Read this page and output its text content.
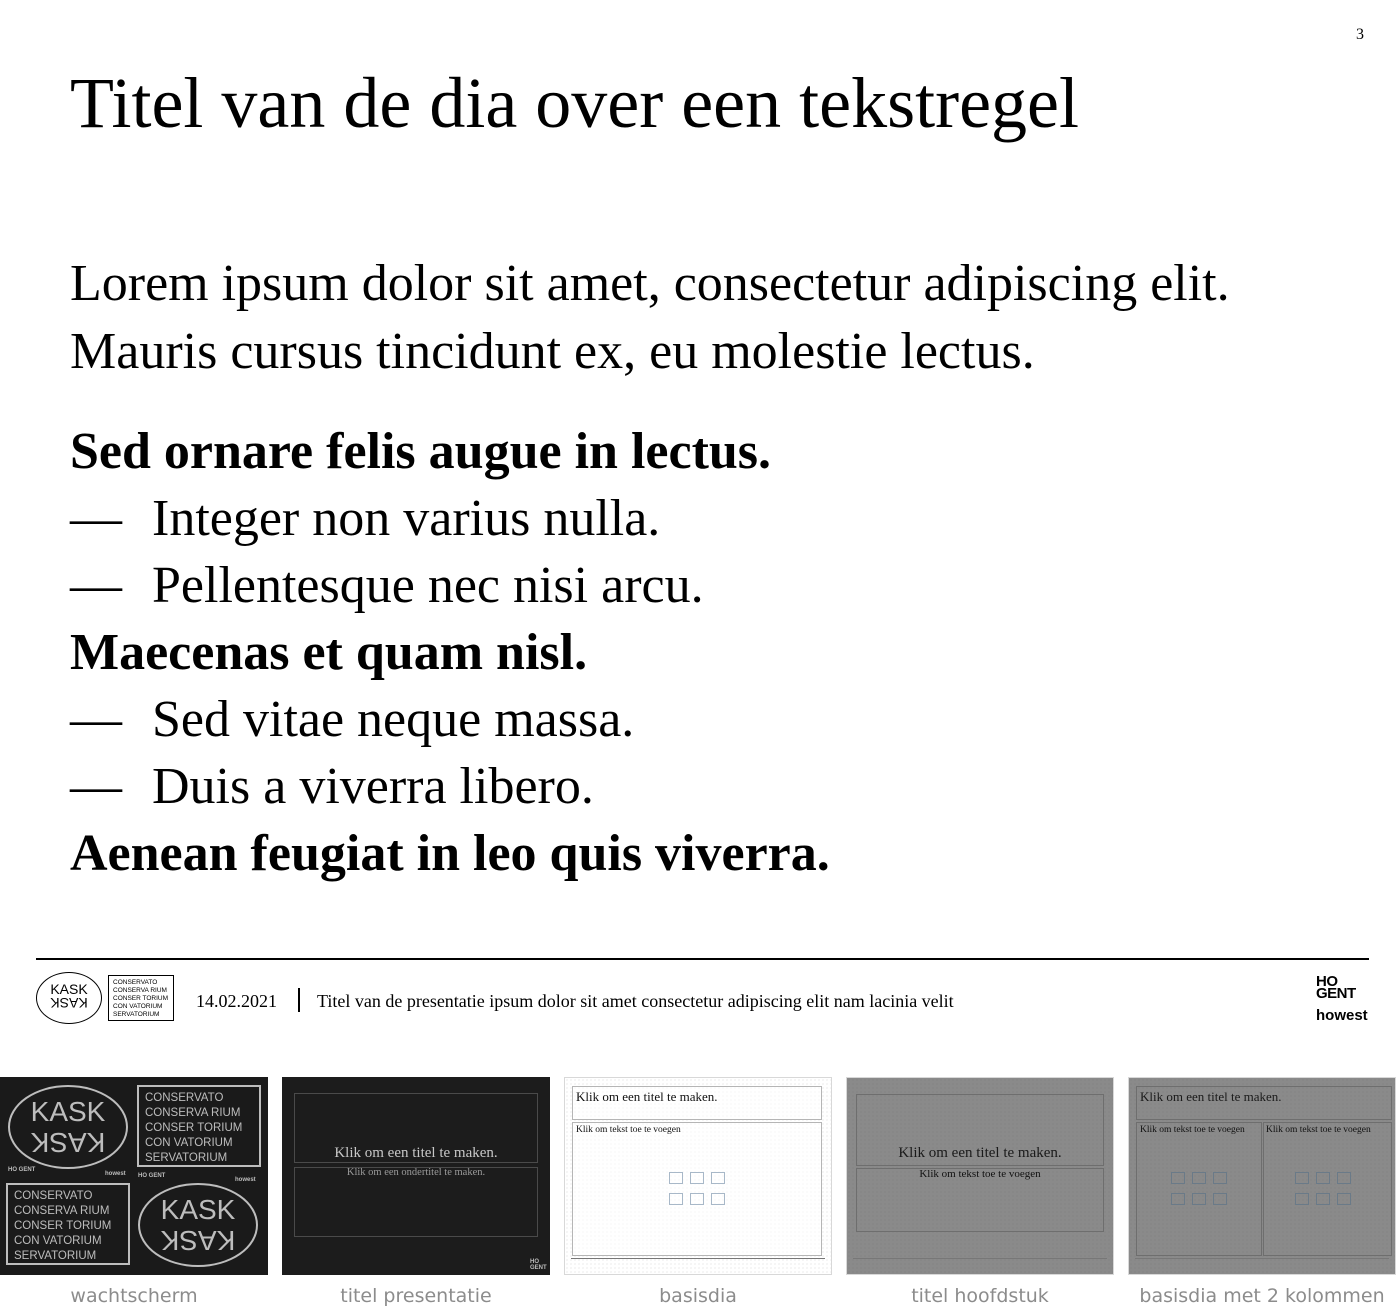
3
Titel van de dia over een tekstregel

Lorem ipsum dolor sit amet, consectetur adipiscing elit. Mauris cursus tincidunt ex, eu molestie lectus.

Sed ornare felis augue in lectus.
— Integer non varius nulla.
— Pellentesque nec nisi arcu.
Maecenas et quam nisl.
— Sed vitae neque massa.
— Duis a viverra libero.
Aenean feugiat in leo quis viverra.
KASK
KASK
CONSERVATO
CONSERVA RIUM
CONSER TORIUM
CON VATORIUM
SERVATORIUM
14.02.2021 Titel van de presentatie ipsum dolor sit amet consectetur adipiscing elit nam lacinia velit
HO
GENT
howest
KASK
KASK
CONSERVATO
CONSERVA RIUM
CONSER TORIUM
CON VATORIUM
SERVATORIUM
HO GENT
howest
CONSERVATO
CONSERVA RIUM
CONSER TORIUM
CON VATORIUM
SERVATORIUM
HO GENT
howest
KASK
KASK
wachtscherm
Klik om een titel te maken.
Klik om een ondertitel te maken.
HO GENT
titel presentatie
Klik om een titel te maken.
Klik om tekst toe te voegen
basisdia
Klik om een titel te maken.
Klik om tekst toe te voegen
titel hoofdstuk
Klik om een titel te maken.
Klik om tekst toe te voegen Klik om tekst toe te voegen
basisdia met 2 kolommen
